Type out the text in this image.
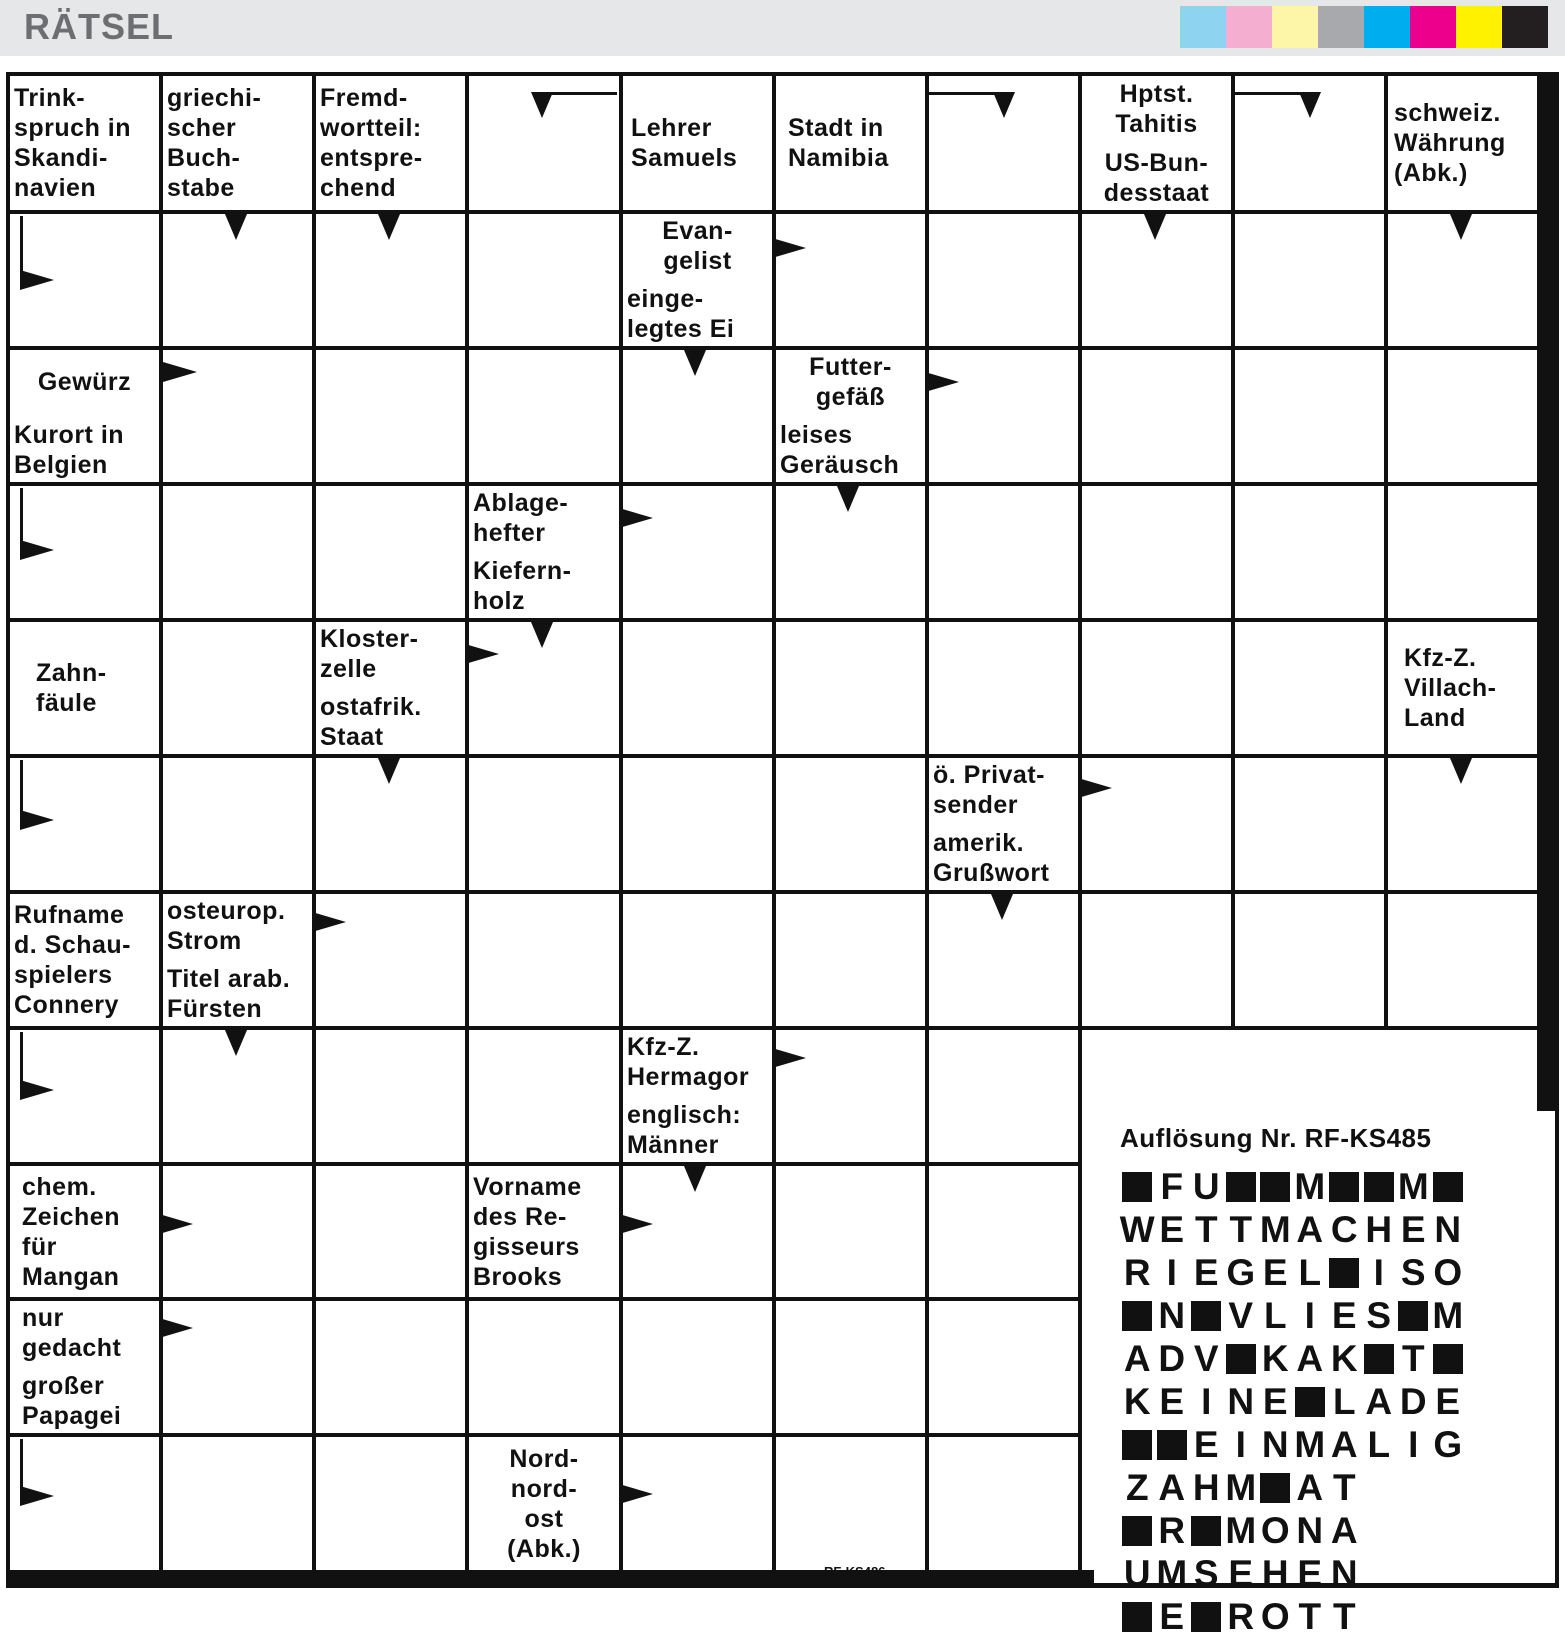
RÄTSEL
Trink-
spruch in
Skandi-
navien
griechi-
scher
Buch-
stabe
Fremd-
wortteil:
entspre-
chend
Lehrer
Samuels
Stadt in
Namibia
Hptst.
Tahitis
US-Bun-
desstaat
schweiz.
Währung
(Abk.)
Evan-
gelist
einge-
legtes Ei
Gewürz
Kurort in
Belgien
Futter-
gefäß
leises
Geräusch
Ablage-
hefter
Kiefern-
holz
Zahn-
fäule
Kloster-
zelle
ostafrik.
Staat
Kfz-Z.
Villach-
Land
ö. Privat-
sender
amerik.
Grußwort
Rufname
d. Schau-
spielers
Connery
osteurop.
Strom
Titel arab.
Fürsten
Kfz-Z.
Hermagor
englisch:
Männer
chem.
Zeichen
für
Mangan
Vorname
des Re-
gisseurs
Brooks
nur
gedacht
großer
Papagei
Nord-
nord-
ost
(Abk.)
RF-KS486
Auflösung Nr. RF-KS485
F U M M
W E T T M A C H E N
R I E G E L	I S O
N V L I E S M
A D V K A K T
K E I N E L A D E
E I N M A L I G
Z A H M A T
R M O N A
U M S E H E N
E R O T T
